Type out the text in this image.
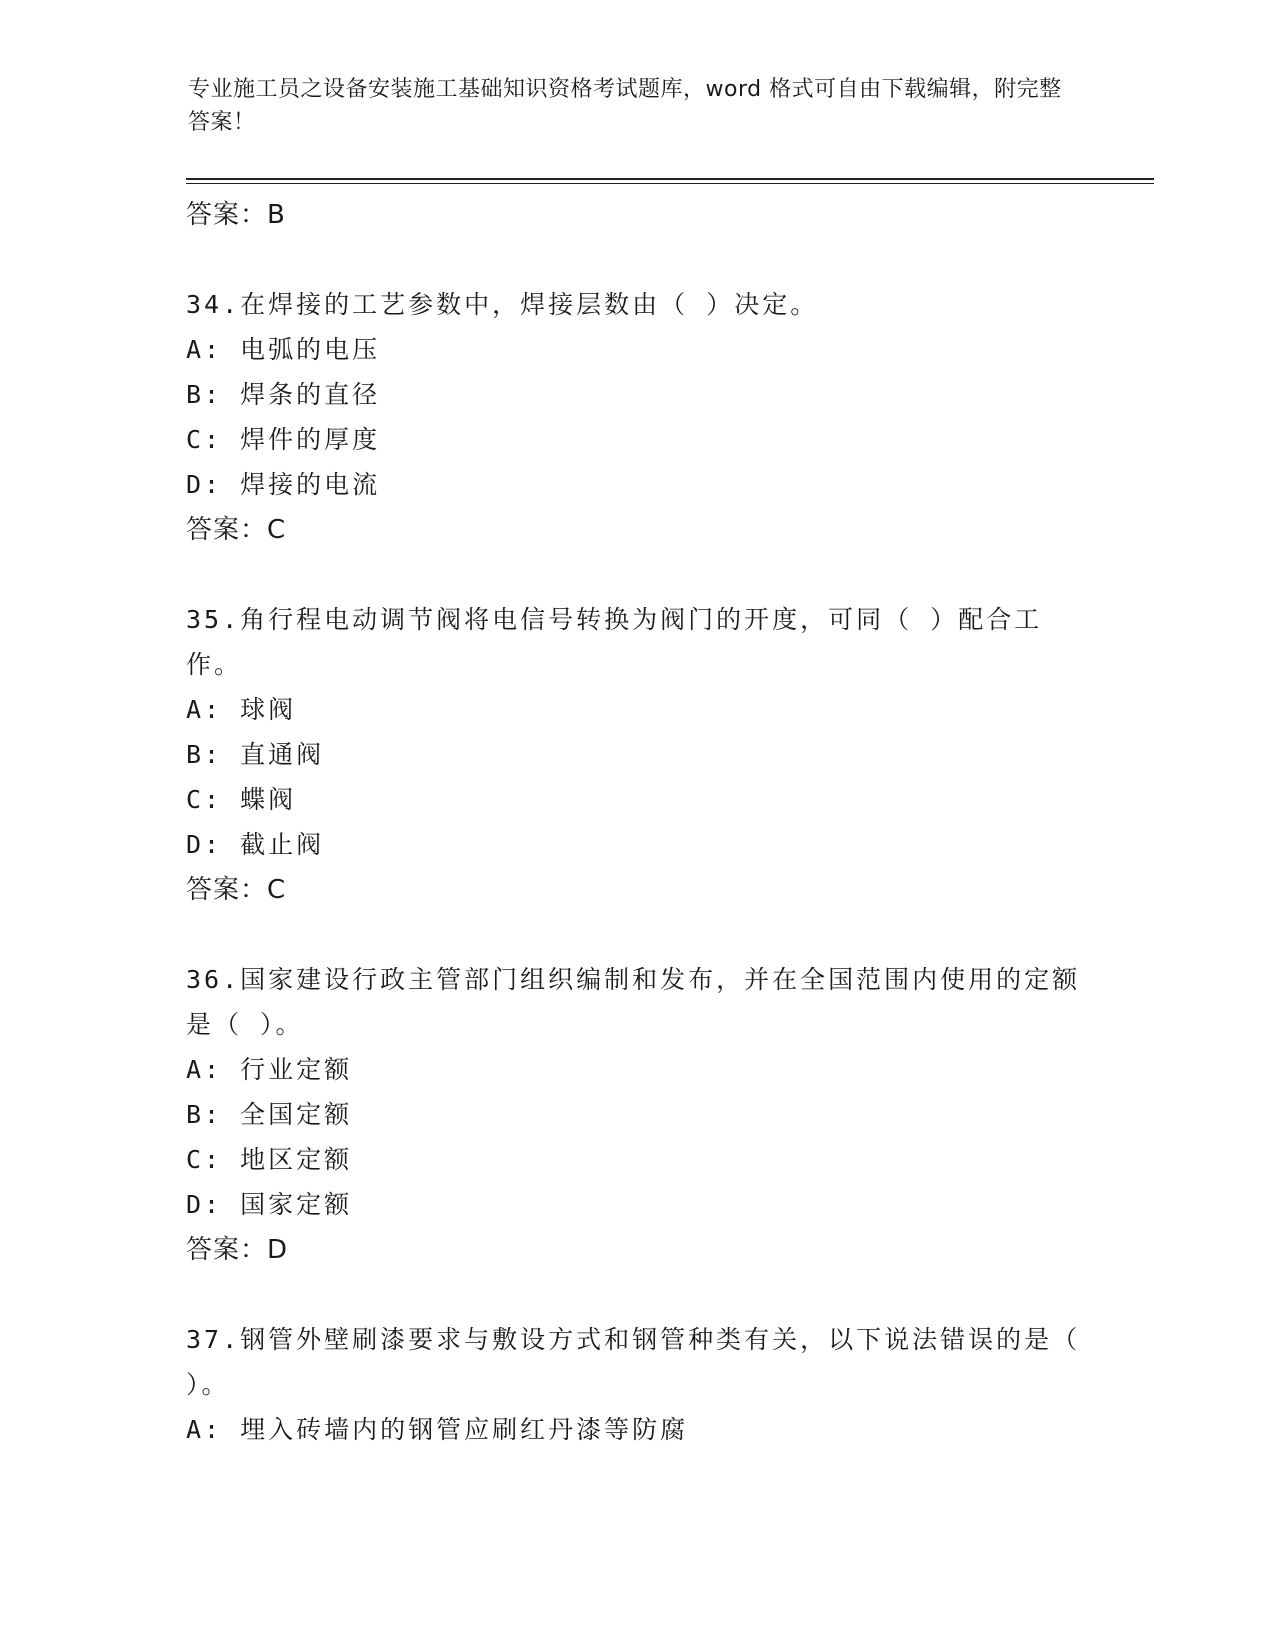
专业施工员之设备安装施工基础知识资格考试题库，word 格式可自由下载编辑，附完整答案！

答案：B

34.在焊接的工艺参数中，焊接层数由（ ）决定。

A: 电弧的电压

B: 焊条的直径

C: 焊件的厚度

D: 焊接的电流

答案：C

35.角行程电动调节阀将电信号转换为阀门的开度，可同（ ）配合工作。

A: 球阀

B: 直通阀

C: 蝶阀

D: 截止阀

答案：C

36.国家建设行政主管部门组织编制和发布，并在全国范围内使用的定额是（ ）。

A: 行业定额

B: 全国定额

C: 地区定额

D: 国家定额

答案：D

37.钢管外壁刷漆要求与敷设方式和钢管种类有关，以下说法错误的是（ ）。

A: 埋入砖墙内的钢管应刷红丹漆等防腐
